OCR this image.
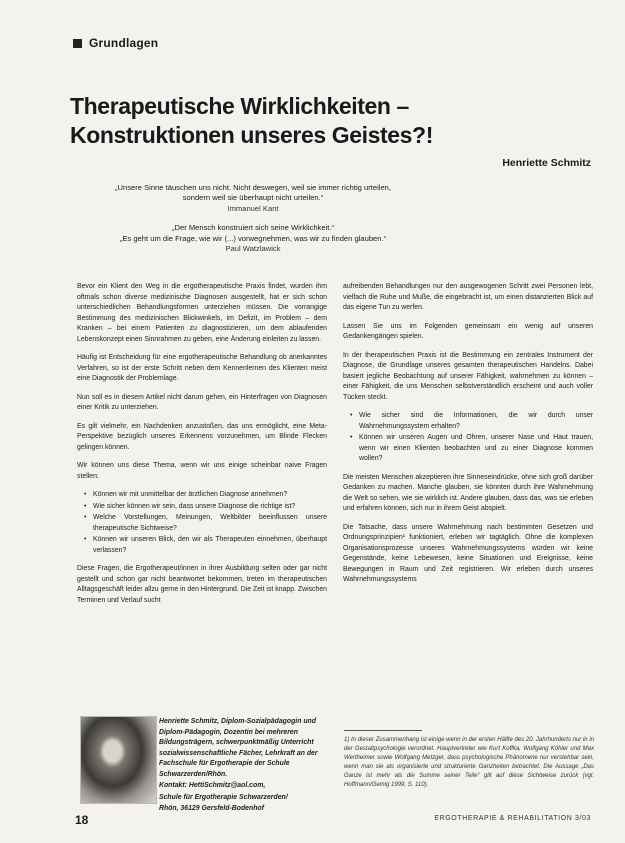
Grundlagen
Therapeutische Wirklichkeiten –
Konstruktionen unseres Geistes?!
Henriette Schmitz
„Unsere Sinne täuschen uns nicht. Nicht deswegen, weil sie immer richtig urteilen,
sondern weil sie überhaupt nicht urteilen.“
Immanuel Kant
„Der Mensch konstruiert sich seine Wirklichkeit.“
„Es geht um die Frage, wie wir (...) vorwegnehmen, was wir zu finden glauben.“
Paul Watzlawick

Bevor ein Klient den Weg in die ergotherapeutische Praxis findet, wurden ihm oftmals schon diverse medizinische Diagnosen ausgestellt, hat er sich schon unterschiedlichen Behandlungsformen unterziehen müssen. Die vorrangige Bestimmung des medizinischen Blickwinkels, im Defizit, im Problem – dem Kranken – bei einem Patienten zu diagnostizieren, um dem ablaufenden Lebenskonzept einen Sinnrahmen zu geben, eine Änderung einleiten zu lassen.

Häufig ist Entscheidung für eine ergotherapeutische Behandlung ob anerkanntes Verfahren, so ist der erste Schritt neben dem Kennenlernen des Klienten meist eine Diagnostik der Problemlage.

Nun soll es in diesem Artikel nicht darum gehen, ein Hinterfragen von Diagnosen einer Kritik zu unterziehen.

Es gilt vielmehr, ein Nachdenken anzustoßen, das uns ermöglicht, eine Meta-Perspektive bezüglich unseres Erkennens vorzunehmen, um Blinde Flecken gelingen können.

Wir können uns diese Thema, wenn wir uns einige scheinbar naive Fragen stellen:

• Können wir mit unmittelbar der ärztlichen Diagnose annehmen?
• Wie sicher können wir sein, dass unsere Diagnose die richtige ist?
• Welche Vorstellungen, Meinungen, Weltbilder beeinflussen unsere therapeutische Sichtweise?
• Können wir unseren Blick, den wir als Therapeuten einnehmen, überhaupt verlassen?

Diese Fragen, die Ergotherapeut/innen in ihrer Ausbildung selten oder gar nicht gestellt und schon gar nicht beantwortet bekommen, treten im therapeutischen Alltagsgeschäft leider allzu gerne in den Hintergrund. Die Zeit ist knapp. Zwischen Terminen und Verlauf sucht

Henriette Schmitz, Diplom-Sozialpädagogin und Diplom-Pädagogin, Dozentin bei mehreren Bildungsträgern, schwerpunktmäßig Unterricht sozialwissenschaftliche Fächer, Lehrkraft an der Fachschule für Ergotherapie der Schule Schwarzerden/Rhön.

Kontakt: HettiSchmitz@aol.com,

Schule für Ergotherapie Schwarzerden/

Rhön, 36129 Gersfeld-Bodenhof

aufreibenden Behandlungen nur den ausgewogenen Schritt zwei Personen lebt, vielfach die Ruhe und Muße, die eingebracht ist, um einen distanzierten Blick auf das eigene Tun zu werfen.

Lassen Sie uns im Folgenden gemeinsam ein wenig auf unseren Gedankengängen spielen.

In der therapeutischen Praxis ist die Bestimmung ein zentrales Instrument der Diagnose, die Grundlage unseres gesamten therapeutischen Handelns. Dabei basiert jegliche Beobachtung auf unserer Fähigkeit, wahrnehmen zu können – einer Fähigkeit, die uns Menschen selbstverständlich erscheint und auch voller Tücken steckt.

• Wie sicher sind die Informationen, die wir durch unser Wahrnehmungssystem erhalten?
• Können wir unseren Augen und Ohren, unserer Nase und Haut trauen, wenn wir einen Klienten beobachten und zu einer Diagnose kommen wollen?

Die meisten Menschen akzeptieren ihre Sinneseindrücke, ohne sich groß darüber Gedanken zu machen. Manche glauben, sie könnten durch ihre Wahrnehmung die Welt so sehen, wie sie wirklich ist. Andere glauben, dass das, was sie erleben und erfahren können, sich nur in ihrem Geist abspielt.

Die Tatsache, dass unsere Wahrnehmung nach bestimmten Gesetzen und Ordnungsprinzipien¹ funktioniert, erleben wir tagtäglich. Ohne die komplexen Organisationsprozesse unseres Wahrnehmungssystems würden wir keine Gegenstände, keine Lebewesen, keine Situationen und Ereignisse, keine Bewegungen in Raum und Zeit registrieren. Wir erleben durch unseres Wahrnehmungssystems

1) In dieser Zusammenhang ist einige wenn in der ersten Hälfte des 20. Jahrhunderts nur in in der Gestaltpsychologie verordnet. Hauptvertreter wie Kurt Koffka, Wolfgang Köhler und Max Wertheimer sowie Wolfgang Metzger, dass psychologische Phänomene nur verstehbar sein, wenn man sie als organisierte und strukturierte Ganzheiten betrachtet. Die Aussage „Das Ganze ist mehr als die Summe seiner Teile“ gilt auf diese Sichtweise zurück (vgl. Hoffmann/Gemig 1999, S. 110).
18	ERGOTHERAPIE & REHABILITATION 3/03
